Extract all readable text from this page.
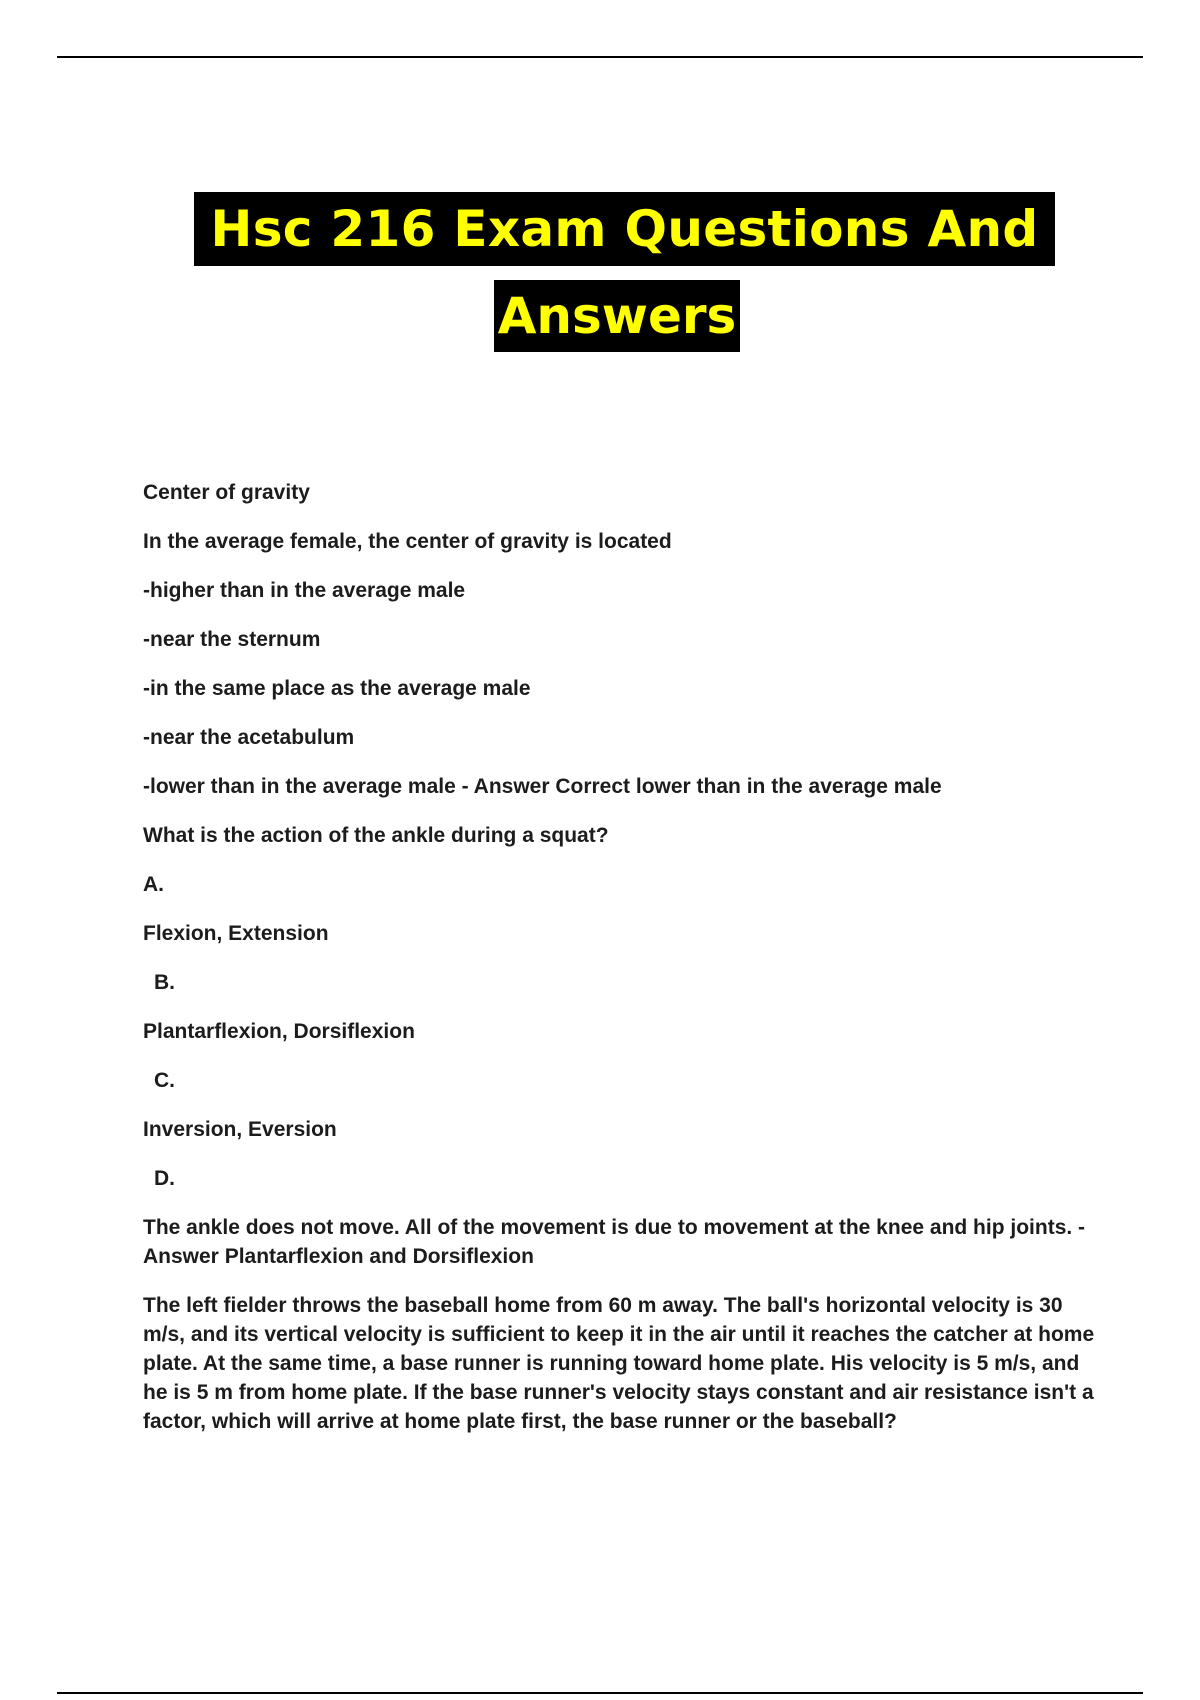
Hsc 216 Exam Questions And
Answers

Center of gravity

In the average female, the center of gravity is located

-higher than in the average male

-near the sternum

-in the same place as the average male

-near the acetabulum

-lower than in the average male - Answer Correct lower than in the average male

What is the action of the ankle during a squat?

A.

Flexion, Extension

B.

Plantarflexion, Dorsiflexion

C.

Inversion, Eversion

D.

The ankle does not move. All of the movement is due to movement at the knee and hip joints. - Answer Plantarflexion and Dorsiflexion

The left fielder throws the baseball home from 60 m away. The ball's horizontal velocity is 30 m/s, and its vertical velocity is sufficient to keep it in the air until it reaches the catcher at home plate. At the same time, a base runner is running toward home plate. His velocity is 5 m/s, and he is 5 m from home plate. If the base runner's velocity stays constant and air resistance isn't a factor, which will arrive at home plate first, the base runner or the baseball?
